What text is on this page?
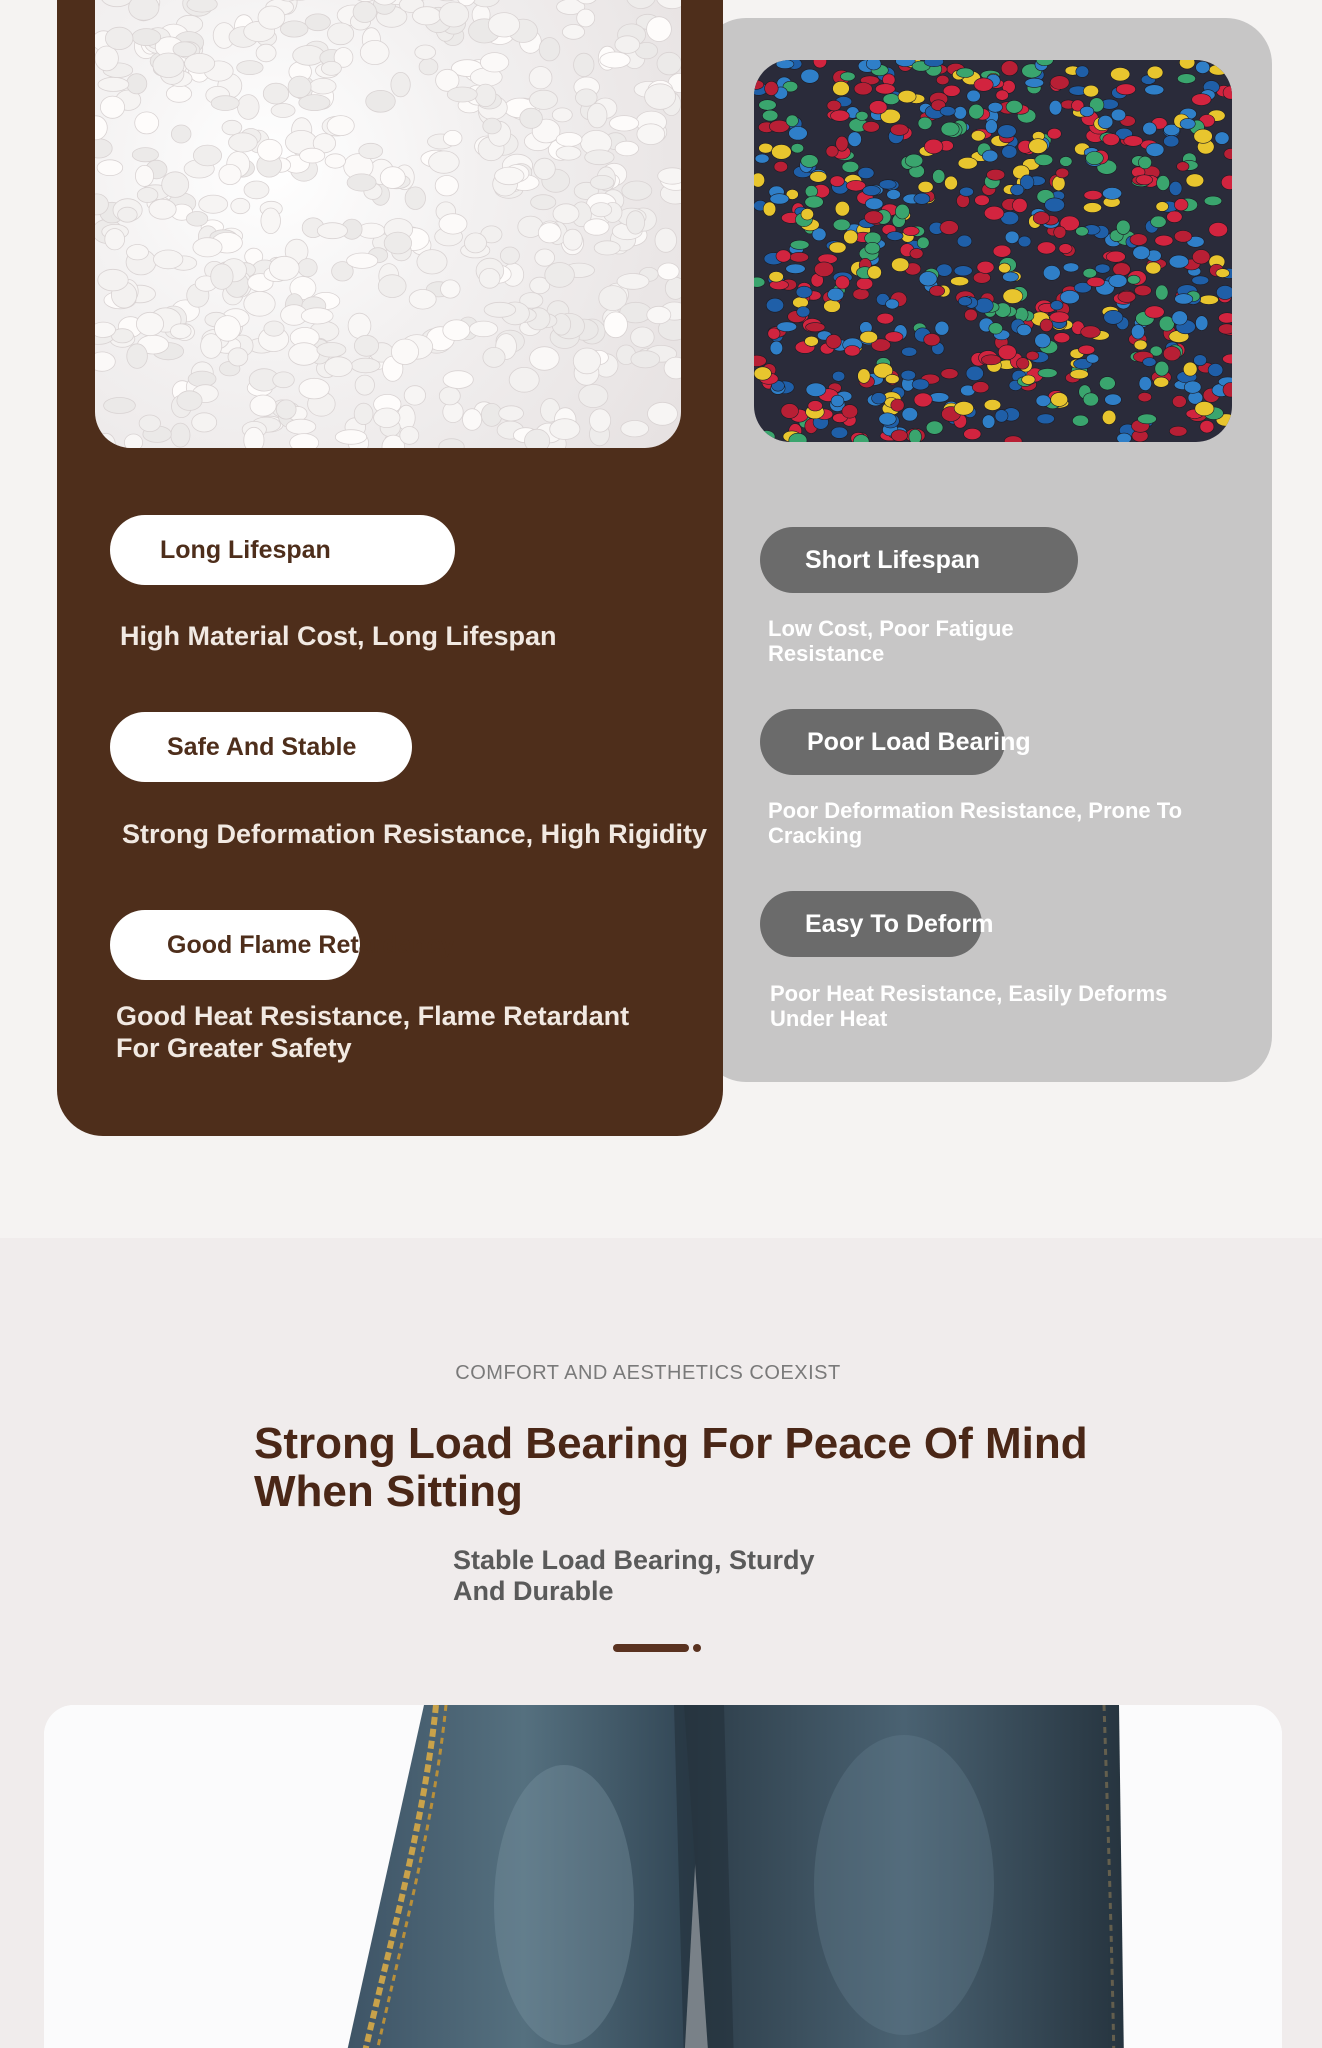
Long Lifespan
High Material Cost, Long Lifespan
Safe And Stable
Strong Deformation Resistance, High Rigidity
Good Flame Retardancy
Good Heat Resistance, Flame Retardant For Greater Safety
Short Lifespan
Low Cost, Poor Fatigue Resistance
Poor Load Bearing
Poor Deformation Resistance, Prone To Cracking
Easy To Deform
Poor Heat Resistance, Easily Deforms Under Heat
COMFORT AND AESTHETICS COEXIST
Strong Load Bearing For Peace Of Mind When Sitting
Stable Load Bearing, Sturdy And Durable
